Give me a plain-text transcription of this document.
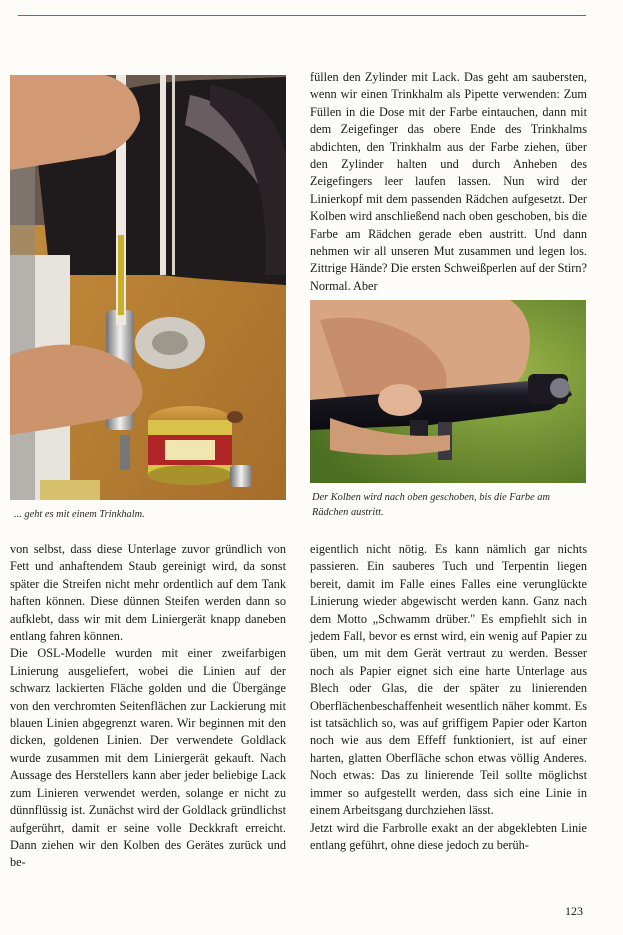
... geht es mit einem Trinkhalm.

füllen den Zylinder mit Lack. Das geht am saubersten, wenn wir einen Trinkhalm als Pipette verwenden: Zum Füllen in die Dose mit der Farbe eintauchen, dann mit dem Zeigefinger das obere Ende des Trinkhalms abdichten, den Trinkhalm aus der Farbe ziehen, über den Zylinder halten und durch Anheben des Zeigefingers leer laufen lassen. Nun wird der Linierkopf mit dem passenden Rädchen aufgesetzt. Der Kolben wird anschließend nach oben geschoben, bis die Farbe am Rädchen gerade eben austritt. Und dann nehmen wir all unseren Mut zusammen und legen los. Zittrige Hände? Die ersten Schweißperlen auf der Stirn? Normal. Aber

Der Kolben wird nach oben geschoben, bis die Farbe am Rädchen austritt.

von selbst, dass diese Unterlage zuvor gründlich von Fett und anhaftendem Staub gereinigt wird, da sonst später die Streifen nicht mehr ordentlich auf dem Tank haften können. Diese dünnen Steifen werden dann so aufklebt, dass wir mit dem Liniergerät knapp daneben entlang fahren können.

Die OSL-Modelle wurden mit einer zweifarbigen Linierung ausgeliefert, wobei die Linien auf der schwarz lackierten Fläche golden und die Übergänge von den verchromten Seitenflächen zur Lackierung mit blauen Linien abgegrenzt waren. Wir beginnen mit den dicken, goldenen Linien. Der verwendete Goldlack wurde zusammen mit dem Liniergerät gekauft. Nach Aussage des Herstellers kann aber jeder beliebige Lack zum Linieren verwendet werden, solange er nicht zu dünnflüssig ist. Zunächst wird der Goldlack gründlichst aufgerührt, damit er seine volle Deckkraft erreicht. Dann ziehen wir den Kolben des Gerätes zurück und be-

eigentlich nicht nötig. Es kann nämlich gar nichts passieren. Ein sauberes Tuch und Terpentin liegen bereit, damit im Falle eines Falles eine verunglückte Linierung wieder abgewischt werden kann. Ganz nach dem Motto „Schwamm drüber." Es empfiehlt sich in jedem Fall, bevor es ernst wird, ein wenig auf Papier zu üben, um mit dem Gerät vertraut zu werden. Besser noch als Papier eignet sich eine harte Unterlage aus Blech oder Glas, die der später zu linierenden Oberflächenbeschaffenheit wesentlich näher kommt. Es ist tatsächlich so, was auf griffigem Papier oder Karton noch wie aus dem Effeff funktioniert, ist auf einer harten, glatten Oberfläche schon etwas völlig Anderes. Noch etwas: Das zu linierende Teil sollte möglichst immer so aufgestellt werden, dass sich eine Linie in einem Arbeitsgang durchziehen lässt.

Jetzt wird die Farbrolle exakt an der abgeklebten Linie entlang geführt, ohne diese jedoch zu berüh-

123
